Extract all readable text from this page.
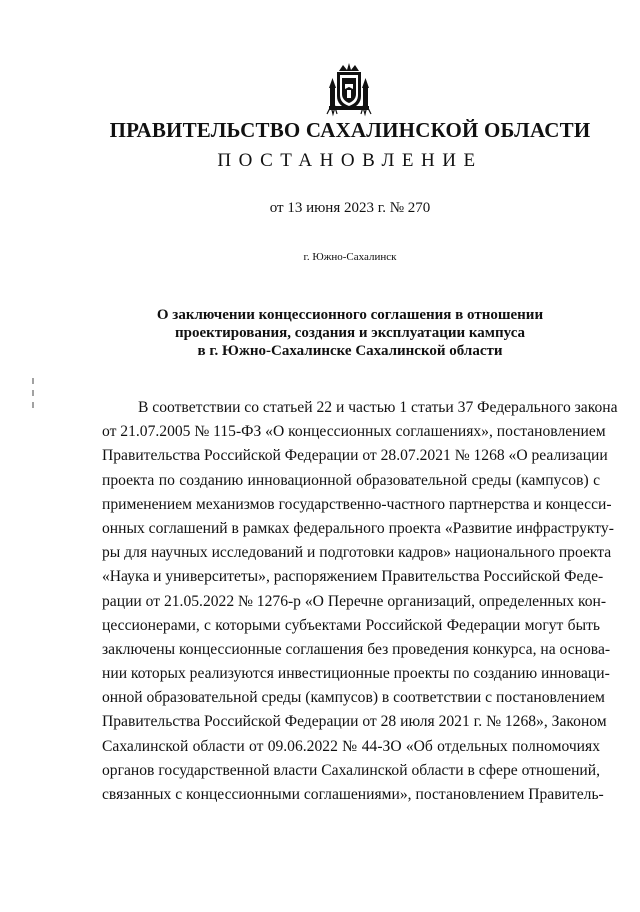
ПРАВИТЕЛЬСТВО САХАЛИНСКОЙ ОБЛАСТИ
ПОСТАНОВЛЕНИЕ
от 13 июня 2023 г. № 270
г. Южно-Сахалинск
О заключении концессионного соглашения в отношении
проектирования, создания и эксплуатации кампуса
в г. Южно-Сахалинске Сахалинской области
В соответствии со статьей 22 и частью 1 статьи 37 Федерального закона
от 21.07.2005 № 115-ФЗ «О концессионных соглашениях», постановлением
Правительства Российской Федерации от 28.07.2021 № 1268 «О реализации
проекта по созданию инновационной образовательной среды (кампусов) с
применением механизмов государственно-частного партнерства и концесси-
онных соглашений в рамках федерального проекта «Развитие инфраструкту-
ры для научных исследований и подготовки кадров» национального проекта
«Наука и университеты», распоряжением Правительства Российской Феде-
рации от 21.05.2022 № 1276-р «О Перечне организаций, определенных кон-
цессионерами, с которыми субъектами Российской Федерации могут быть
заключены концессионные соглашения без проведения конкурса, на основа-
нии которых реализуются инвестиционные проекты по созданию инноваци-
онной образовательной среды (кампусов) в соответствии с постановлением
Правительства Российской Федерации от 28 июля 2021 г. № 1268», Законом
Сахалинской области от 09.06.2022 № 44-ЗО «Об отдельных полномочиях
органов государственной власти Сахалинской области в сфере отношений,
связанных с концессионными соглашениями», постановлением Правитель-
